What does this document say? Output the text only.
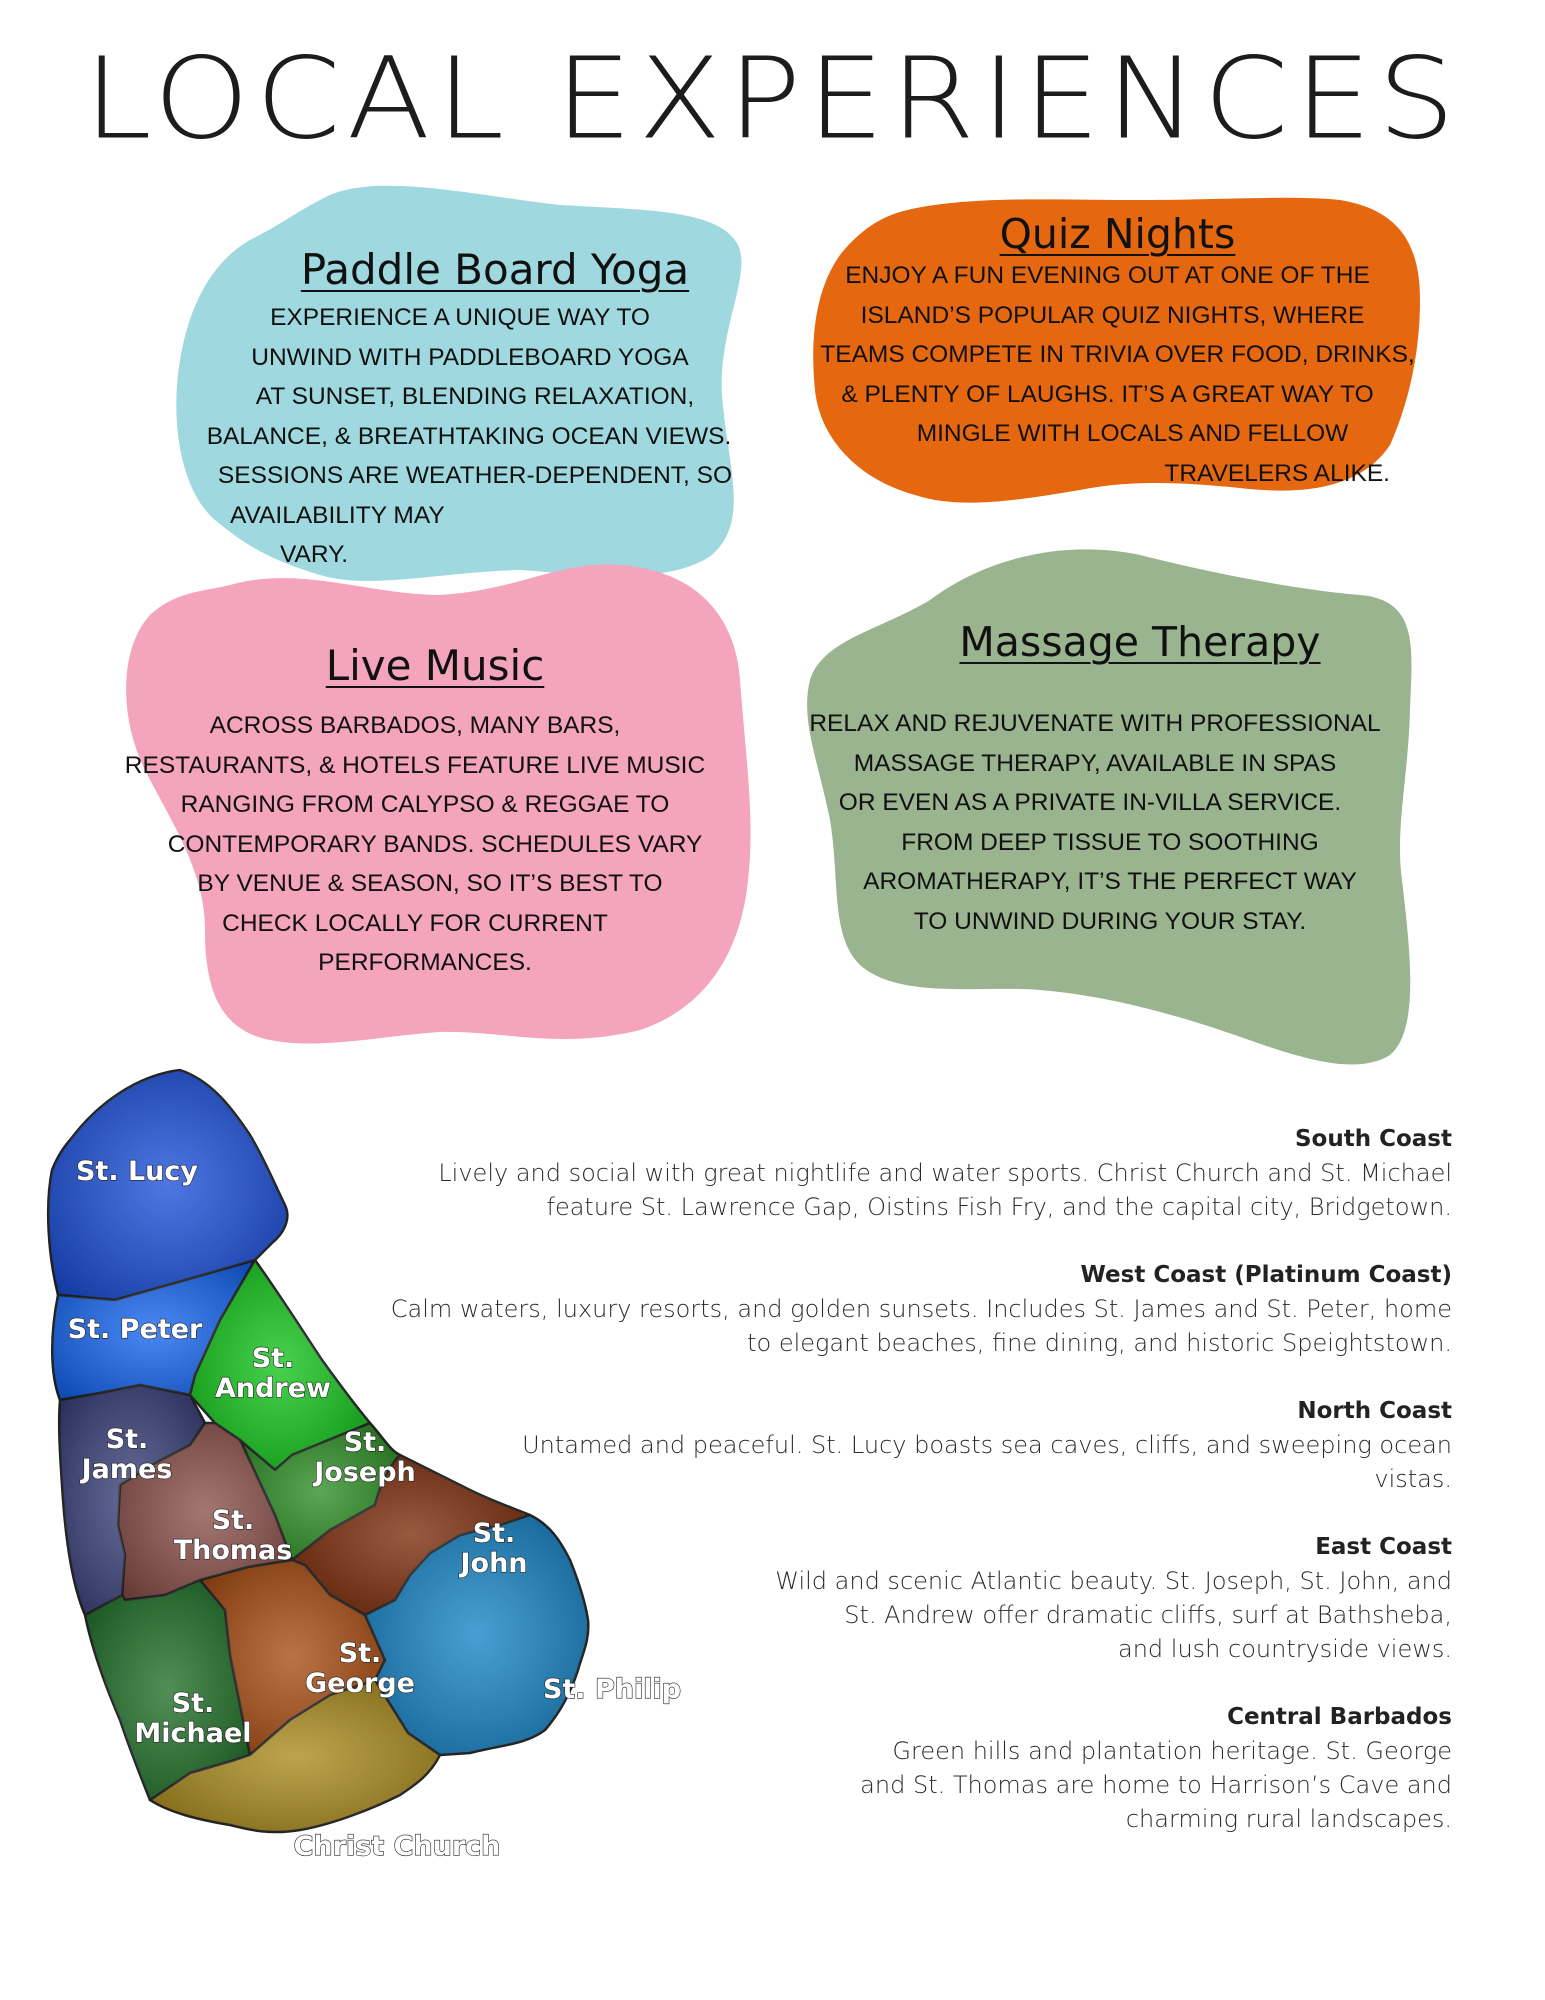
LOCAL EXPERIENCES
Paddle Board Yoga

EXPERIENCE A UNIQUE WAY TO
UNWIND WITH PADDLEBOARD YOGA
AT SUNSET, BLENDING RELAXATION,
BALANCE, & BREATHTAKING OCEAN VIEWS.
SESSIONS ARE WEATHER-DEPENDENT, SO
AVAILABILITY MAY
VARY.

Quiz Nights

ENJOY A FUN EVENING OUT AT ONE OF THE
ISLAND’S POPULAR QUIZ NIGHTS, WHERE
TEAMS COMPETE IN TRIVIA OVER FOOD, DRINKS,
& PLENTY OF LAUGHS. IT’S A GREAT WAY TO
MINGLE WITH LOCALS AND FELLOW
TRAVELERS ALIKE.

Live Music

ACROSS BARBADOS, MANY BARS,
RESTAURANTS, & HOTELS FEATURE LIVE MUSIC
RANGING FROM CALYPSO & REGGAE TO
CONTEMPORARY BANDS. SCHEDULES VARY
BY VENUE & SEASON, SO IT’S BEST TO
CHECK LOCALLY FOR CURRENT
PERFORMANCES.

Massage Therapy

RELAX AND REJUVENATE WITH PROFESSIONAL
MASSAGE THERAPY, AVAILABLE IN SPAS
OR EVEN AS A PRIVATE IN-VILLA SERVICE.
FROM DEEP TISSUE TO SOOTHING
AROMATHERAPY, IT’S THE PERFECT WAY
TO UNWIND DURING YOUR STAY.

St. Lucy
St. Peter
St. Andrew
St. James
St. Joseph
St. Thomas
St. John
St. Michael
St. George	St. Philip
Christ Church
South Coast

Lively and social with great nightlife and water sports. Christ Church and St. Michael
feature St. Lawrence Gap, Oistins Fish Fry, and the capital city, Bridgetown.

West Coast (Platinum Coast)

Calm waters, luxury resorts, and golden sunsets. Includes St. James and St. Peter, home
to elegant beaches, fine dining, and historic Speightstown.

North Coast

Untamed and peaceful. St. Lucy boasts sea caves, cliffs, and sweeping ocean
vistas.

East Coast

Wild and scenic Atlantic beauty. St. Joseph, St. John, and
St. Andrew offer dramatic cliffs, surf at Bathsheba,
and lush countryside views.

Central Barbados

Green hills and plantation heritage. St. George
and St. Thomas are home to Harrison’s Cave and
charming rural landscapes.
